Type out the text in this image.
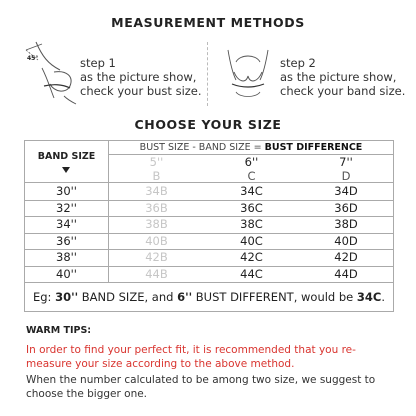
MEASUREMENT METHODS
45°	step 1
as the picture show,
check your bust size.
step 2
as the picture show,
check your band size.
CHOOSE YOUR SIZE
BAND SIZE
BUST SIZE - BAND SIZE = BUST DIFFERENCE
5''	6''	7''
B	C	D
30''	34B	34C	34D
32''	36B	36C	36D
34''	38B	38C	38D
36''	40B	40C	40D
38''	42B	42C	42D
40''	44B	44C	44D
Eg: 30'' BAND SIZE, and 6'' BUST DIFFERENT, would be 34C.
WARM TIPS:
In order to find your perfect fit, it is recommended that you re-measure your size according to the above method.
When the number calculated to be among two size, we suggest to choose the bigger one.
